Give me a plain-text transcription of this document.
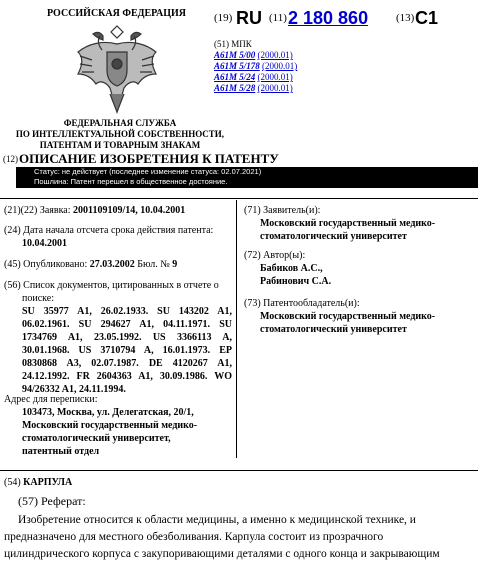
РОССИЙСКАЯ ФЕДЕРАЦИЯ	(19) RU (11) 2 180 860	(13) C1
(51) МПК
A61M 5/00 (2000.01)
A61M 5/178 (2000.01)
A61M 5/24 (2000.01)
A61M 5/28 (2000.01)
ФЕДЕРАЛЬНАЯ СЛУЖБА
ПО ИНТЕЛЛЕКТУАЛЬНОЙ СОБСТВЕННОСТИ,
ПАТЕНТАМ И ТОВАРНЫМ ЗНАКАМ
(12) ОПИСАНИЕ ИЗОБРЕТЕНИЯ К ПАТЕНТУ
Статус: не действует (последнее изменение статуса: 02.07.2021)
Пошлина: Патент перешел в общественное достояние.
(21)(22) Заявка: 2001109109/14, 10.04.2001
(24) Дата начала отсчета срока действия патента:
10.04.2001
(45) Опубликовано: 27.03.2002 Бюл. № 9
(56) Список документов, цитированных в отчете о поиске:
SU 35977 A1, 26.02.1933. SU 143202 A1, 06.02.1961. SU 294627 A1, 04.11.1971. SU 1734769 A1, 23.05.1992. US 3366113 A, 30.01.1968. US 3710794 A, 16.01.1973. EP 0830868 A3, 02.07.1987. DE 4120267 A1, 24.12.1992. FR 2604363 A1, 30.09.1986. WO 94/26332 A1, 24.11.1994.
Адрес для переписки:
103473, Москва, ул. Делегатская, 20/1,
Московский государственный медико-
стоматологический университет,
патентный отдел
(71) Заявитель(и):
Московский государственный медико-
стоматологический университет
(72) Автор(ы):
Бабиков А.С.,
Рабинович С.А.
(73) Патентообладатель(и):
Московский государственный медико-
стоматологический университет
(54) КАРПУЛА
(57) Реферат:
Изобретение относится к области медицины, а именно к медицинской технике, и
предназначено для местного обезболивания. Карпула состоит из прозрачного
цилиндрического корпуса с закупоривающими деталями с одного конца и закрывающим
